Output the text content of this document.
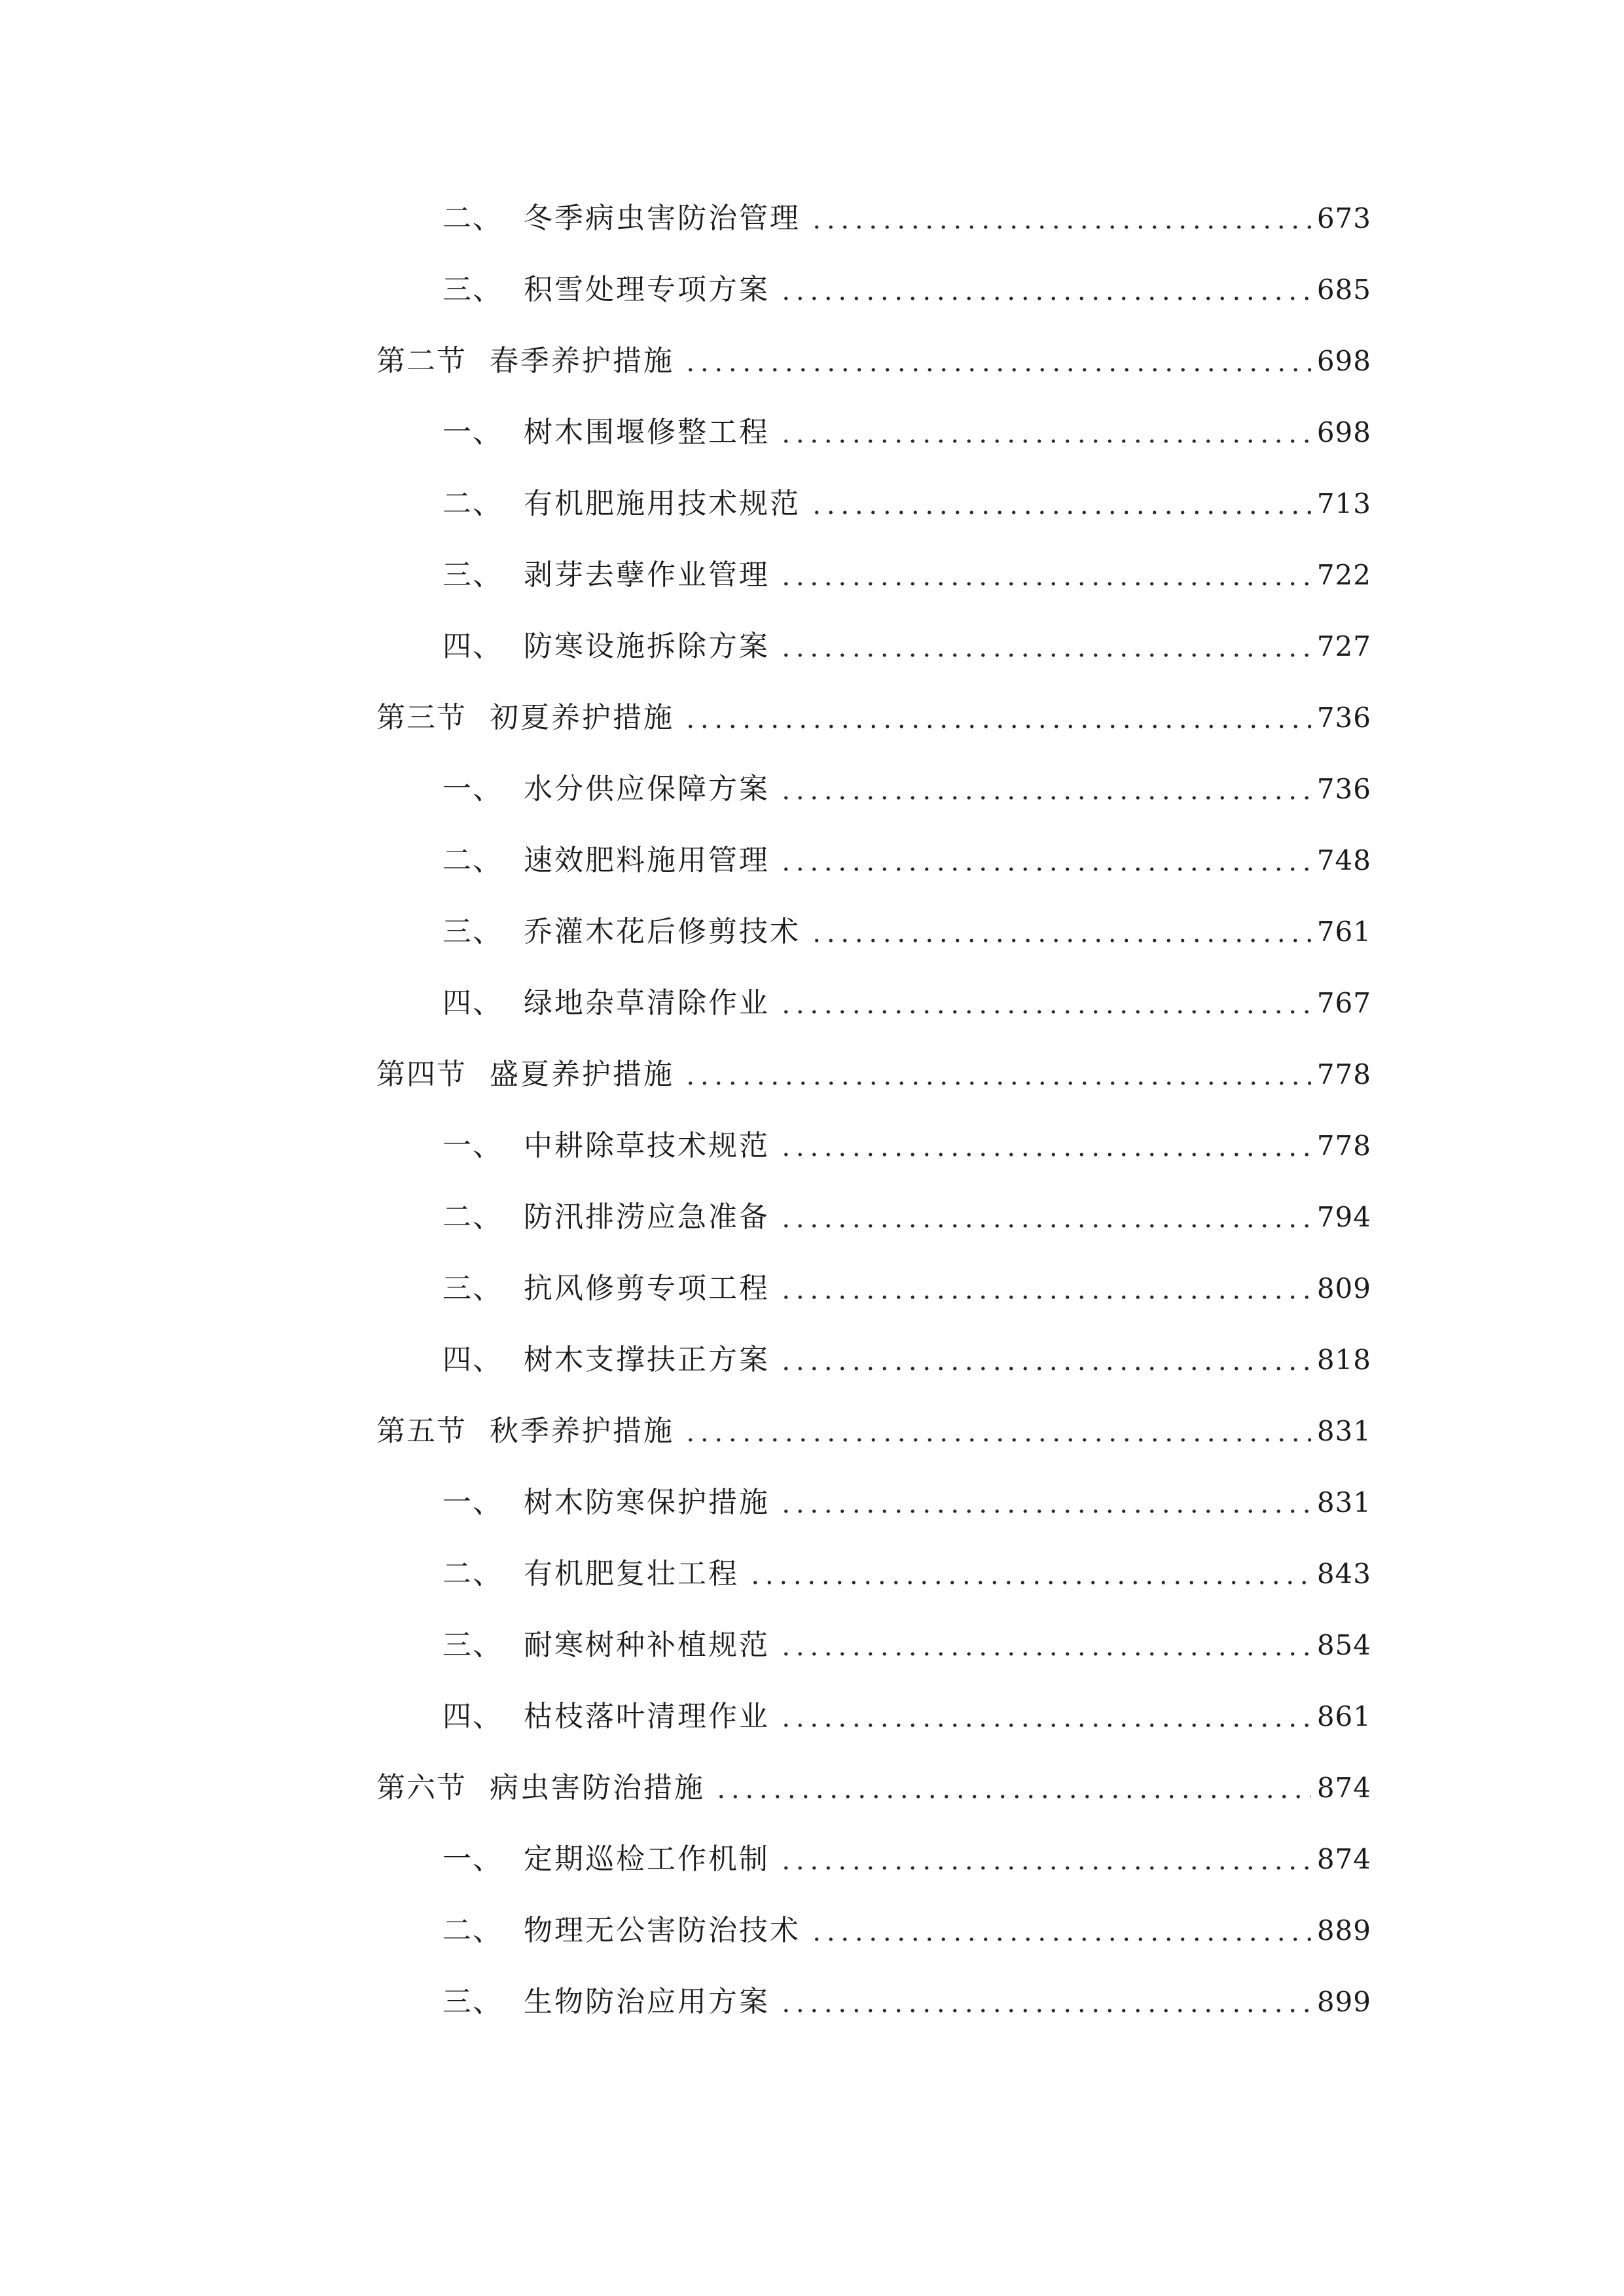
二、 冬季病虫害防治管理	673
三、 积雪处理专项方案	685
第二节 春季养护措施	698
一、 树木围堰修整工程	698
二、 有机肥施用技术规范	713
三、 剥芽去孽作业管理	722
四、 防寒设施拆除方案	727
第三节 初夏养护措施	736
一、 水分供应保障方案	736
二、 速效肥料施用管理	748
三、 乔灌木花后修剪技术	761
四、 绿地杂草清除作业	767
第四节 盛夏养护措施	778
一、 中耕除草技术规范	778
二、 防汛排涝应急准备	794
三、 抗风修剪专项工程	809
四、 树木支撑扶正方案	818
第五节 秋季养护措施	831
一、 树木防寒保护措施	831
二、 有机肥复壮工程	843
三、 耐寒树种补植规范	854
四、 枯枝落叶清理作业	861
第六节 病虫害防治措施	874
一、 定期巡检工作机制	874
二、 物理无公害防治技术	889
三、 生物防治应用方案	899
